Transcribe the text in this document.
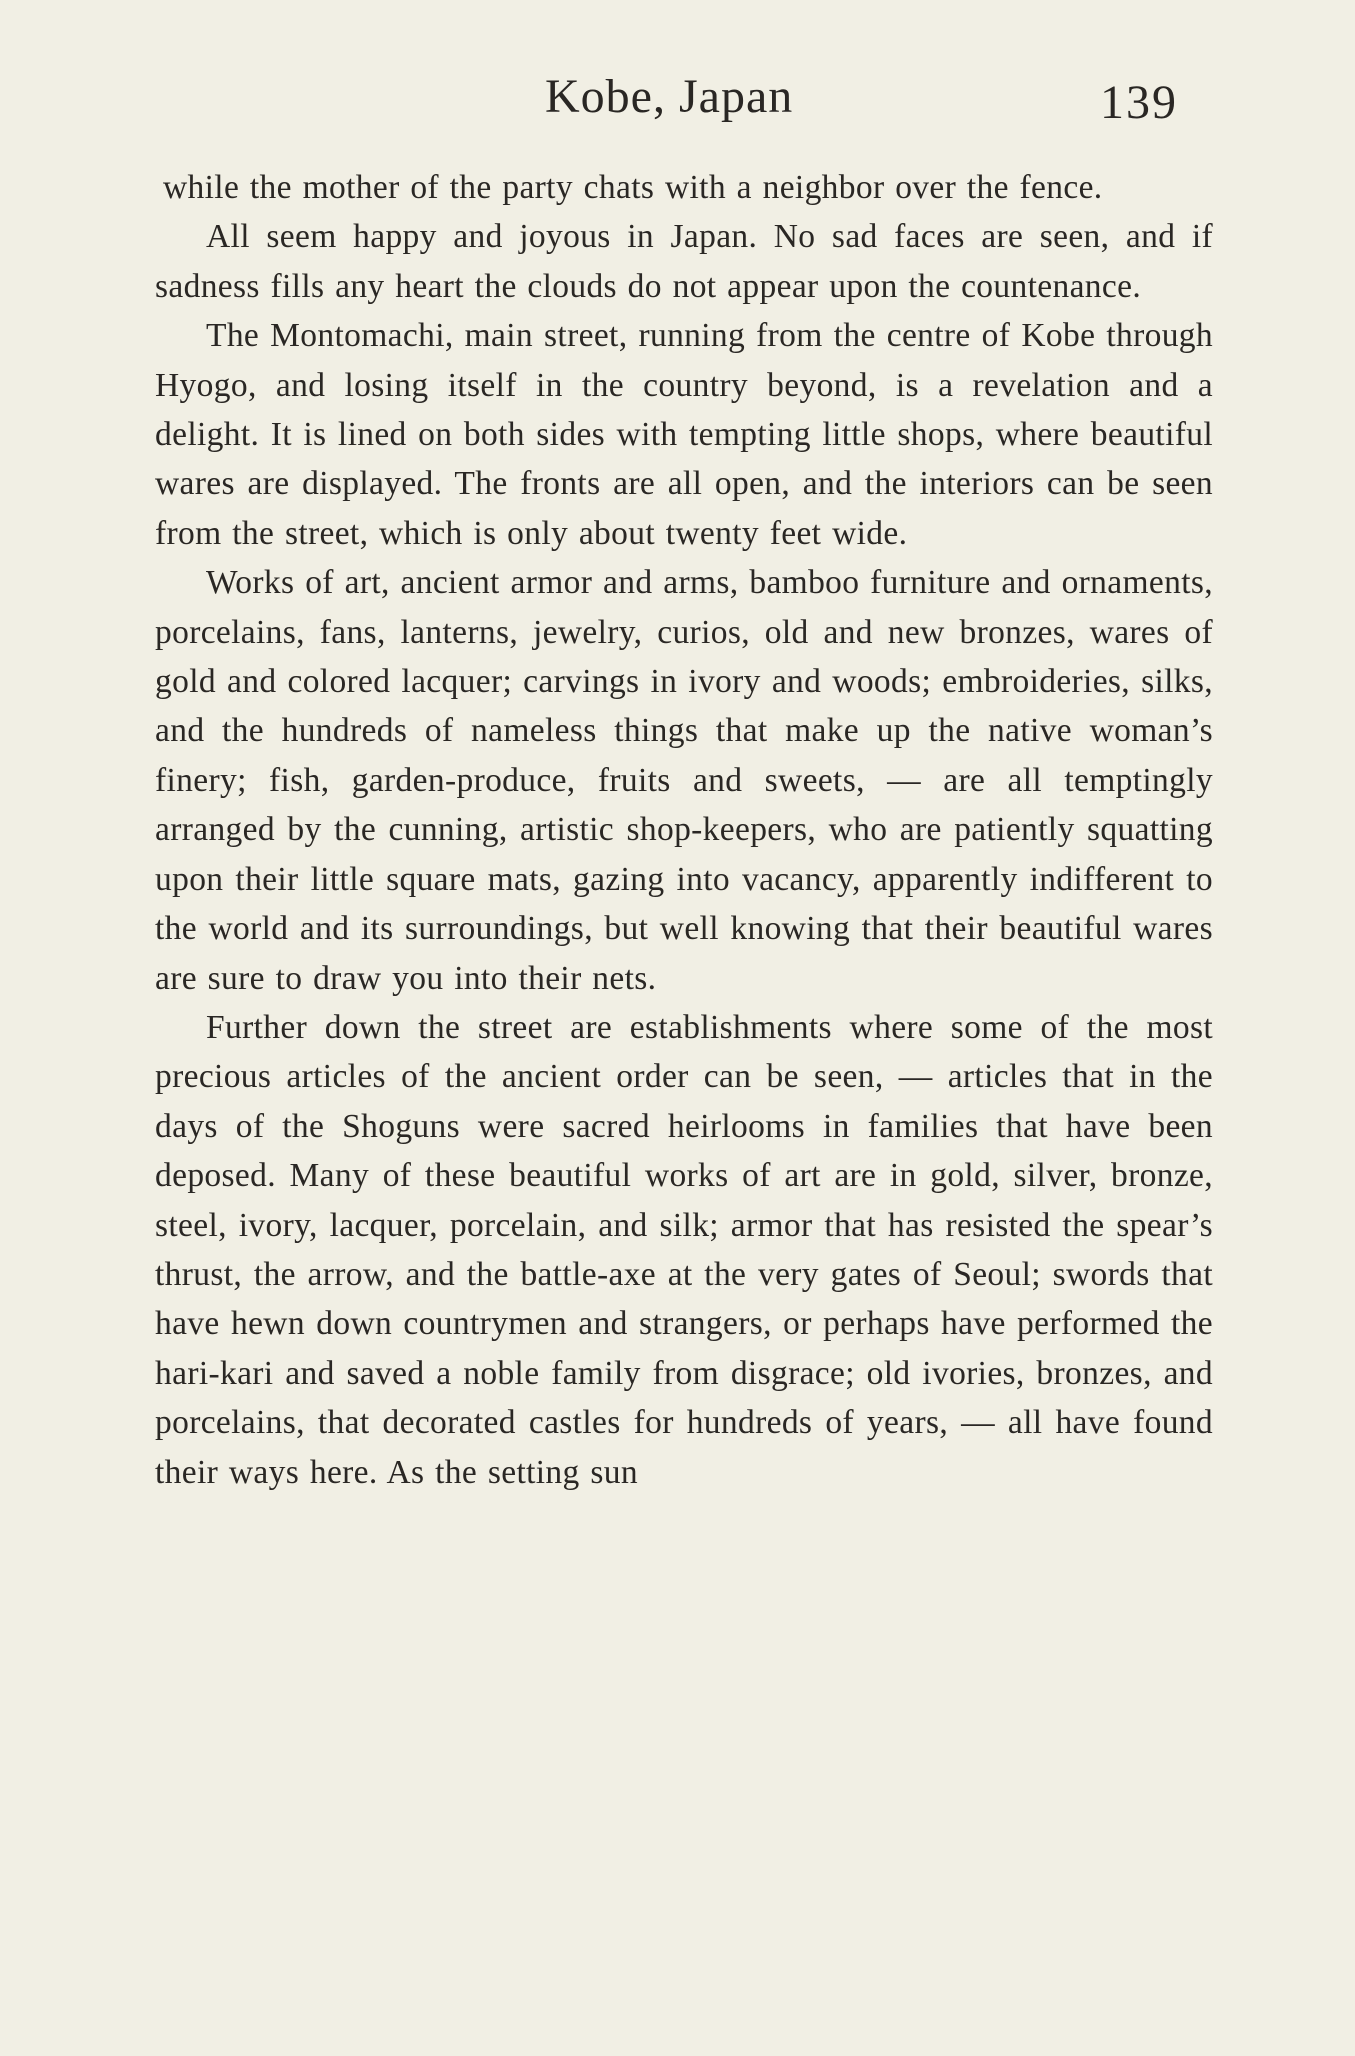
Kobe, Japan	139

while the mother of the party chats with a neighbor over the fence.

All seem happy and joyous in Japan. No sad faces are seen, and if sadness fills any heart the clouds do not appear upon the countenance.

The Montomachi, main street, running from the centre of Kobe through Hyogo, and losing itself in the country beyond, is a revelation and a delight. It is lined on both sides with tempting little shops, where beautiful wares are displayed. The fronts are all open, and the interiors can be seen from the street, which is only about twenty feet wide.

Works of art, ancient armor and arms, bamboo furniture and ornaments, porcelains, fans, lanterns, jewelry, curios, old and new bronzes, wares of gold and colored lacquer; carvings in ivory and woods; embroideries, silks, and the hundreds of nameless things that make up the native woman’s finery; fish, garden-produce, fruits and sweets, — are all temptingly arranged by the cunning, artistic shop-keepers, who are patiently squatting upon their little square mats, gazing into vacancy, apparently indifferent to the world and its surroundings, but well knowing that their beautiful wares are sure to draw you into their nets.

Further down the street are establishments where some of the most precious articles of the ancient order can be seen, — articles that in the days of the Shoguns were sacred heirlooms in families that have been deposed. Many of these beautiful works of art are in gold, silver, bronze, steel, ivory, lacquer, porcelain, and silk; armor that has resisted the spear’s thrust, the arrow, and the battle-axe at the very gates of Seoul; swords that have hewn down countrymen and strangers, or perhaps have performed the hari-kari and saved a noble family from disgrace; old ivories, bronzes, and porcelains, that decorated castles for hundreds of years, — all have found their ways here. As the setting sun
